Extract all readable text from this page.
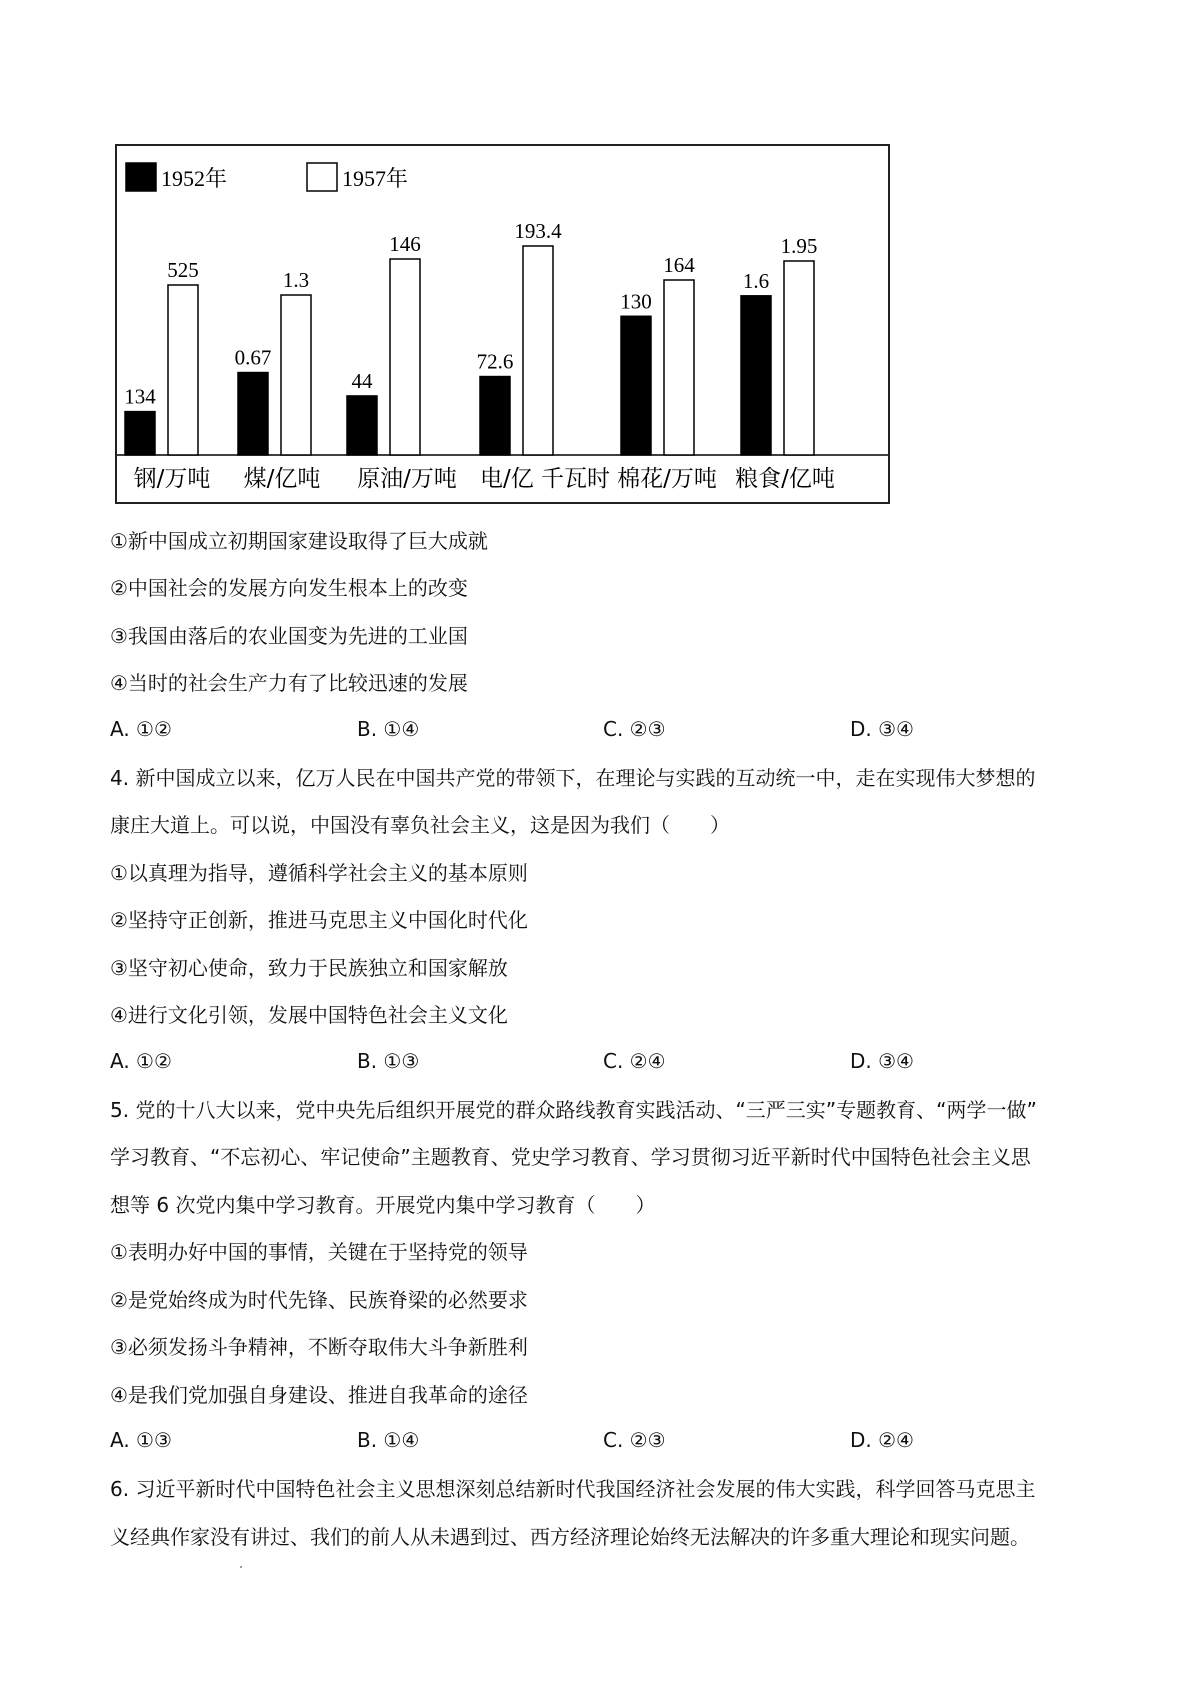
1952年	1957年
134
525
钢/万吨
0.67
1.3
煤/亿吨
44
146
原油/万吨
72.6
193.4
电/亿 千瓦时
130
164
棉花/万吨
1.6
1.95
粮食/亿吨
①新中国成立初期国家建设取得了巨大成就
②中国社会的发展方向发生根本上的改变
③我国由落后的农业国变为先进的工业国
④当时的社会生产力有了比较迅速的发展
A. ①②	B. ①④	C. ②③	D. ③④
4. 新中国成立以来，亿万人民在中国共产党的带领下，在理论与实践的互动统一中，走在实现伟大梦想的
康庄大道上。可以说，中国没有辜负社会主义，这是因为我们（　　）
①以真理为指导，遵循科学社会主义的基本原则
②坚持守正创新，推进马克思主义中国化时代化
③坚守初心使命，致力于民族独立和国家解放
④进行文化引领，发展中国特色社会主义文化
A. ①②	B. ①③	C. ②④	D. ③④
5. 党的十八大以来，党中央先后组织开展党的群众路线教育实践活动、“三严三实”专题教育、“两学一做”
学习教育、“不忘初心、牢记使命”主题教育、党史学习教育、学习贯彻习近平新时代中国特色社会主义思
想等 6 次党内集中学习教育。开展党内集中学习教育（　　）
①表明办好中国的事情，关键在于坚持党的领导
②是党始终成为时代先锋、民族脊梁的必然要求
③必须发扬斗争精神，不断夺取伟大斗争新胜利
④是我们党加强自身建设、推进自我革命的途径
A. ①③	B. ①④	C. ②③	D. ②④
6. 习近平新时代中国特色社会主义思想深刻总结新时代我国经济社会发展的伟大实践，科学回答马克思主
义经典作家没有讲过、我们的前人从未遇到过、西方经济理论始终无法解决的许多重大理论和现实问题。
